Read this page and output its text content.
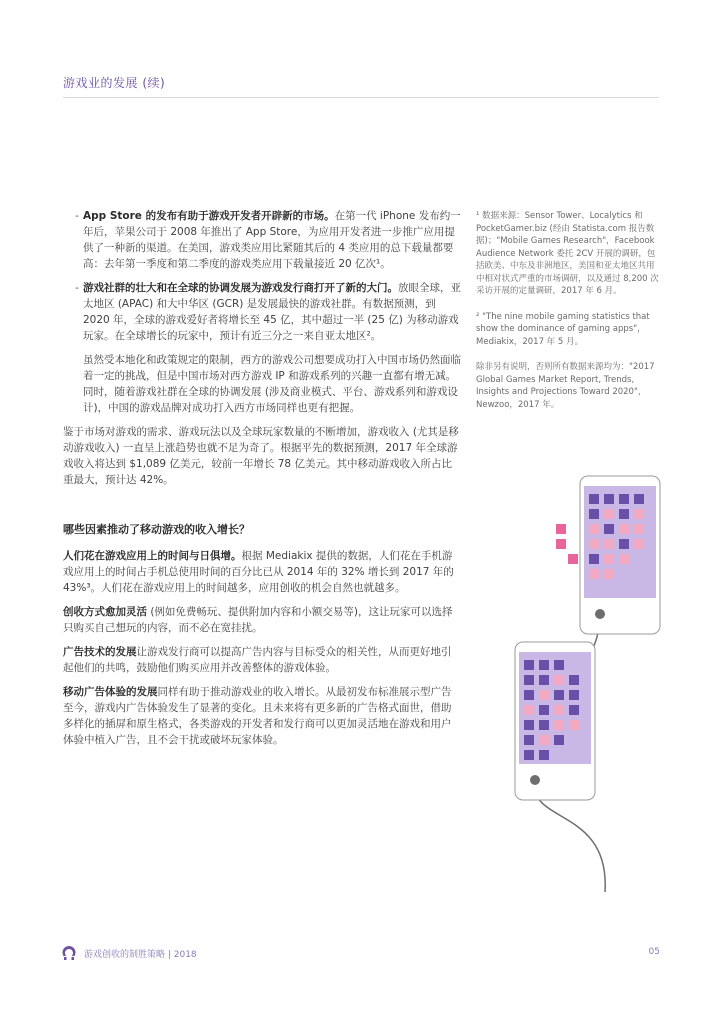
游戏业的发展 (续)
- App Store 的发布有助于游戏开发者开辟新的市场。在第一代 iPhone 发布约一年后，苹果公司于 2008 年推出了 App Store，为应用开发者进一步推广应用提供了一种新的渠道。在美国，游戏类应用比紧随其后的 4 类应用的总下载量都要高：去年第一季度和第二季度的游戏类应用下载量接近 20 亿次¹。
- 游戏社群的壮大和在全球的协调发展为游戏发行商打开了新的大门。放眼全球，亚太地区 (APAC) 和大中华区 (GCR) 是发展最快的游戏社群。有数据预测，到 2020 年，全球的游戏爱好者将增长至 45 亿，其中超过一半 (25 亿) 为移动游戏玩家。在全球增长的玩家中，预计有近三分之一来自亚太地区²。
虽然受本地化和政策规定的限制，西方的游戏公司想要成功打入中国市场仍然面临着一定的挑战，但是中国市场对西方游戏 IP 和游戏系列的兴趣一直都有增无减。同时，随着游戏社群在全球的协调发展 (涉及商业模式、平台、游戏系列和游戏设计)，中国的游戏品牌对成功打入西方市场同样也更有把握。
鉴于市场对游戏的需求、游戏玩法以及全球玩家数量的不断增加，游戏收入 (尤其是移动游戏收入) 一直呈上涨趋势也就不足为奇了。根据平先的数据预测，2017 年全球游戏收入将达到 $1,089 亿美元，较前一年增长 78 亿美元。其中移动游戏收入所占比重最大，预计达 42%。
哪些因素推动了移动游戏的收入增长？
人们花在游戏应用上的时间与日俱增。根据 Mediakix 提供的数据，人们花在手机游戏应用上的时间占手机总使用时间的百分比已从 2014 年的 32% 增长到 2017 年的 43%³。人们花在游戏应用上的时间越多，应用创收的机会自然也就越多。
创收方式愈加灵活 (例如免费畅玩、提供附加内容和小额交易等)，这让玩家可以选择只购买自己想玩的内容，而不必在宽挂扰。
广告技术的发展让游戏发行商可以提高广告内容与目标受众的相关性，从而更好地引起他们的共鸣，鼓励他们购买应用并改善整体的游戏体验。
移动广告体验的发展同样有助于推动游戏业的收入增长。从最初发布标准展示型广告至今，游戏内广告体验发生了显著的变化。且未来将有更多新的广告格式面世，借助多样化的插屏和原生格式，各类游戏的开发者和发行商可以更加灵活地在游戏和用户体验中植入广告，且不会干扰或破坏玩家体验。

¹ 数据来源：Sensor Tower、Localytics 和 PocketGamer.biz (经由 Statista.com 报告数据)；"Mobile Games Research"，Facebook Audience Network 委托 2CV 开展的调研，包括欧美、中东及非洲地区，美国和亚太地区共用中相对状式严重的市场调研，以及通过 8,200 次采访开展的定量调研，2017 年 6 月。

² "The nine mobile gaming statistics that show the dominance of gaming apps"，Mediakix，2017 年 5 月。

除非另有说明，否则所有数据来源均为："2017 Global Games Market Report, Trends, Insights and Projections Toward 2020"，Newzoo，2017 年。

游戏创收的制胜策略 | 2018	05
